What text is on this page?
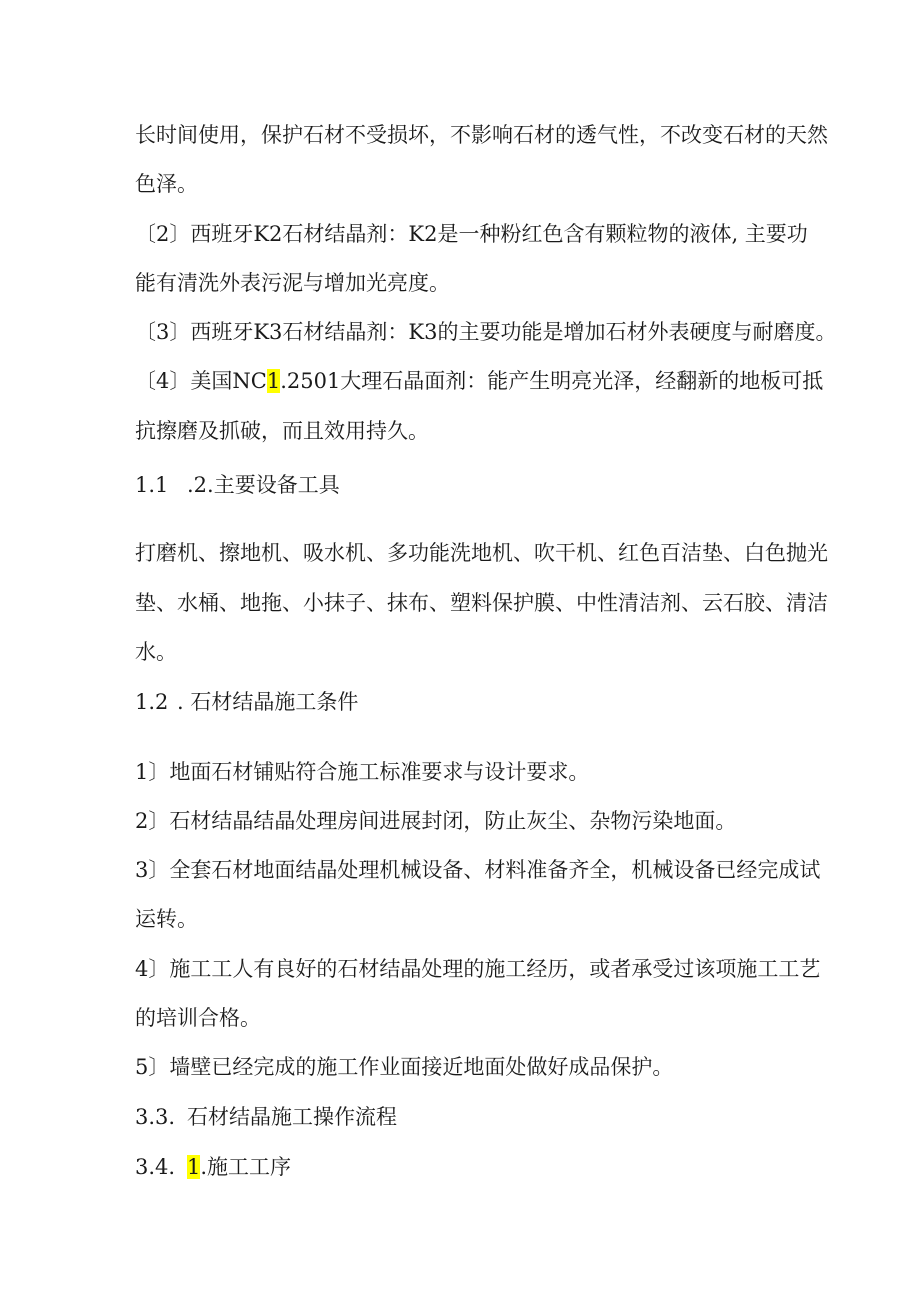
长时间使用，保护石材不受损坏，不影响石材的透气性，不改变石材的天然
色泽。
〔2〕西班牙K2石材结晶剂：K2是一种粉红色含有颗粒物的液体, 主要功
能有清洗外表污泥与增加光亮度。
〔3〕西班牙K3石材结晶剂：K3的主要功能是增加石材外表硬度与耐磨度。
〔4〕美国NC1.2501大理石晶面剂：能产生明亮光泽，经翻新的地板可抵
抗擦磨及抓破，而且效用持久。
1.1 .2.主要设备工具
打磨机、擦地机、吸水机、多功能洗地机、吹干机、红色百洁垫、白色抛光
垫、水桶、地拖、小抹子、抹布、塑料保护膜、中性清洁剂、云石胶、清洁
水。
1.2 . 石材结晶施工条件
1〕地面石材铺贴符合施工标准要求与设计要求。
2〕石材结晶结晶处理房间进展封闭，防止灰尘、杂物污染地面。
3〕全套石材地面结晶处理机械设备、材料准备齐全，机械设备已经完成试
运转。
4〕施工工人有良好的石材结晶处理的施工经历，或者承受过该项施工工艺
的培训合格。
5〕墙壁已经完成的施工作业面接近地面处做好成品保护。
3.3. 石材结晶施工操作流程
3.4. 1.施工工序
